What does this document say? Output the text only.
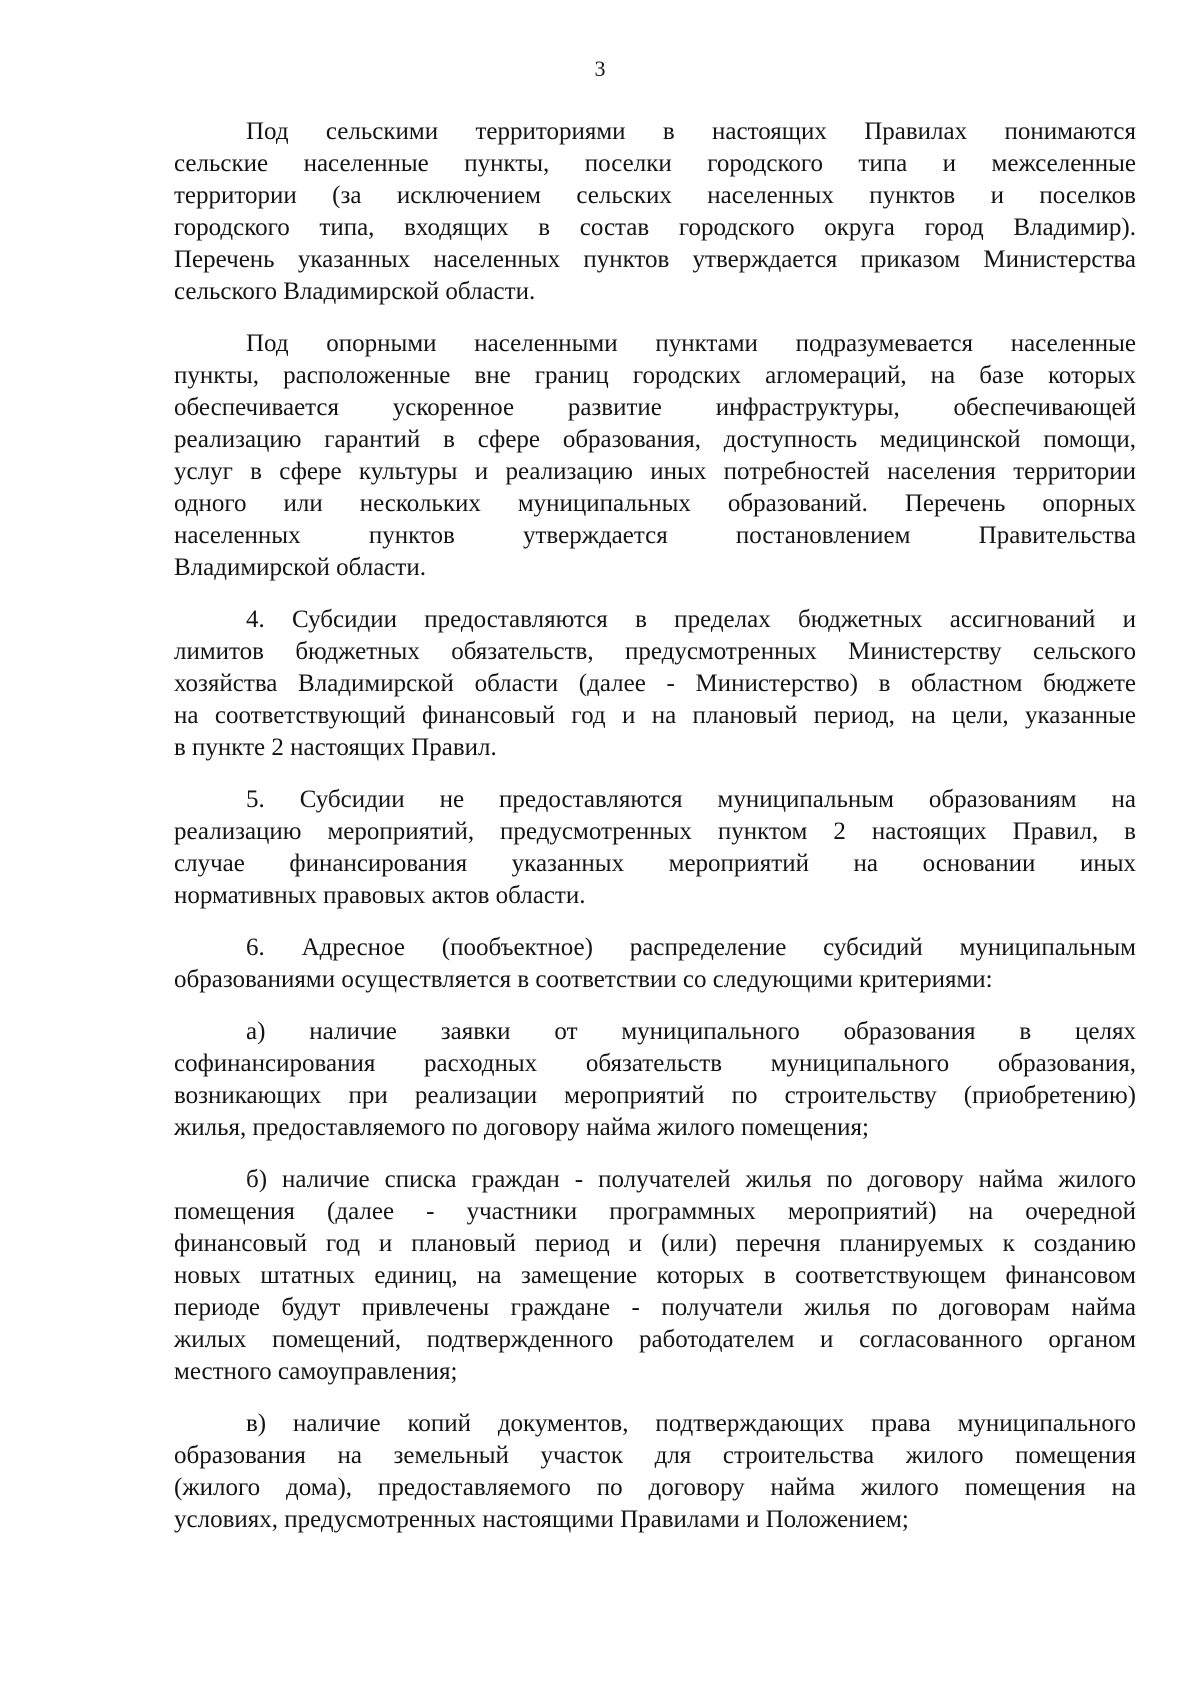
3

Под сельскими территориями в настоящих Правилах понимаются
сельские населенные пункты, поселки городского типа и межселенные
территории (за исключением сельских населенных пунктов и поселков
городского типа, входящих в состав городского округа город Владимир).
Перечень указанных населенных пунктов утверждается приказом Министерства
сельского Владимирской области.

Под опорными населенными пунктами подразумевается населенные
пункты, расположенные вне границ городских агломераций, на базе которых
обеспечивается ускоренное развитие инфраструктуры, обеспечивающей
реализацию гарантий в сфере образования, доступность медицинской помощи,
услуг в сфере культуры и реализацию иных потребностей населения территории
одного или нескольких муниципальных образований. Перечень опорных
населенных пунктов утверждается постановлением Правительства
Владимирской области.

4. Субсидии предоставляются в пределах бюджетных ассигнований и
лимитов бюджетных обязательств, предусмотренных Министерству сельского
хозяйства Владимирской области (далее - Министерство) в областном бюджете
на соответствующий финансовый год и на плановый период, на цели, указанные
в пункте 2 настоящих Правил.

5. Субсидии не предоставляются муниципальным образованиям на
реализацию мероприятий, предусмотренных пунктом 2 настоящих Правил, в
случае финансирования указанных мероприятий на основании иных
нормативных правовых актов области.

6. Адресное (пообъектное) распределение субсидий муниципальным
образованиями осуществляется в соответствии со следующими критериями:

а) наличие заявки от муниципального образования в целях
софинансирования расходных обязательств муниципального образования,
возникающих при реализации мероприятий по строительству (приобретению)
жилья, предоставляемого по договору найма жилого помещения;

б) наличие списка граждан - получателей жилья по договору найма жилого
помещения (далее - участники программных мероприятий) на очередной
финансовый год и плановый период и (или) перечня планируемых к созданию
новых штатных единиц, на замещение которых в соответствующем финансовом
периоде будут привлечены граждане - получатели жилья по договорам найма
жилых помещений, подтвержденного работодателем и согласованного органом
местного самоуправления;

в) наличие копий документов, подтверждающих права муниципального
образования на земельный участок для строительства жилого помещения
(жилого дома), предоставляемого по договору найма жилого помещения на
условиях, предусмотренных настоящими Правилами и Положением;
